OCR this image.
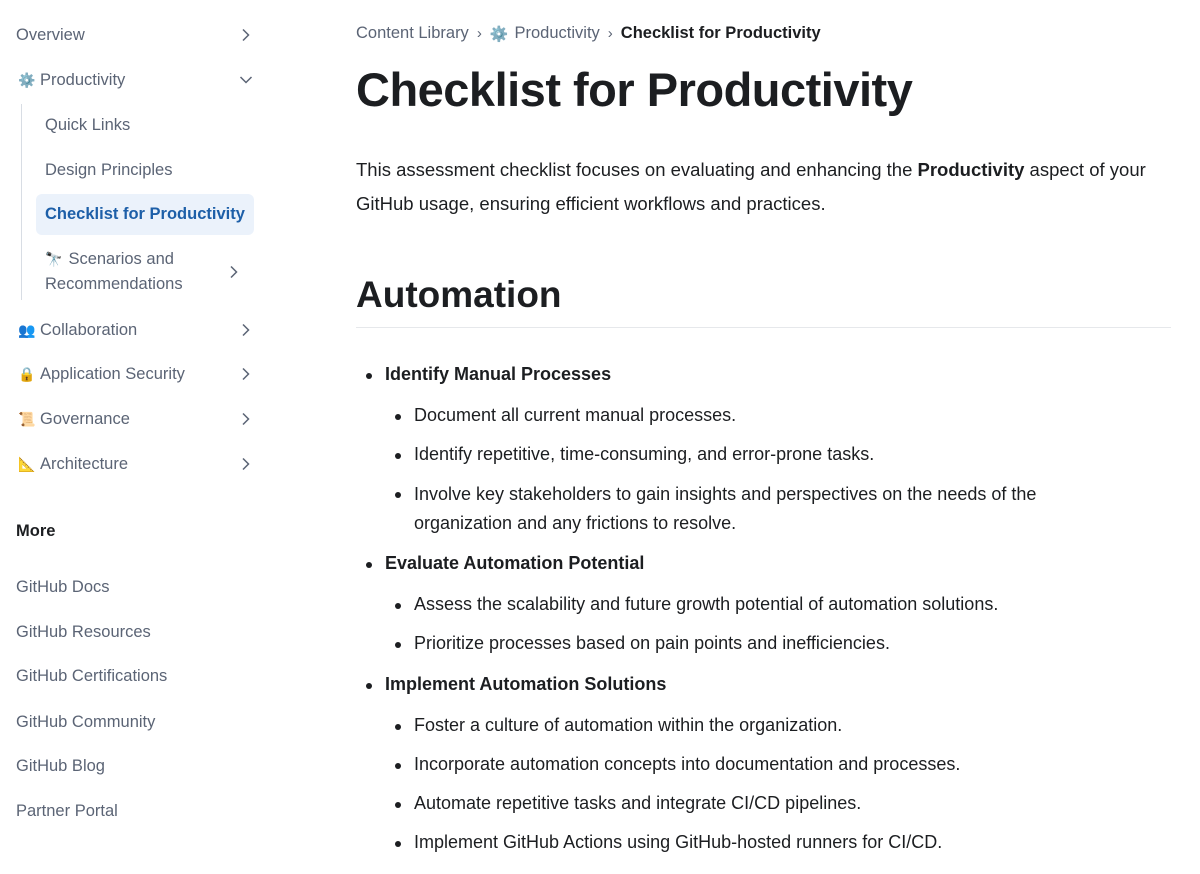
Overview
⚙️ Productivity
Quick Links
Design Principles
Checklist for Productivity
🔭 Scenarios and Recommendations
👥 Collaboration
🔒 Application Security
📜 Governance
📐 Architecture
More
GitHub Docs
GitHub Resources
GitHub Certifications
GitHub Community
GitHub Blog
Partner Portal
Content Library › ⚙️ Productivity › Checklist for Productivity
Checklist for Productivity

This assessment checklist focuses on evaluating and enhancing the Productivity aspect of your GitHub usage, ensuring efficient workflows and practices.

Automation
Identify Manual Processes
Document all current manual processes.
Identify repetitive, time-consuming, and error-prone tasks.
Involve key stakeholders to gain insights and perspectives on the needs of the organization and any frictions to resolve.
Evaluate Automation Potential
Assess the scalability and future growth potential of automation solutions.
Prioritize processes based on pain points and inefficiencies.
Implement Automation Solutions
Foster a culture of automation within the organization.
Incorporate automation concepts into documentation and processes.
Automate repetitive tasks and integrate CI/CD pipelines.
Implement GitHub Actions using GitHub-hosted runners for CI/CD.
